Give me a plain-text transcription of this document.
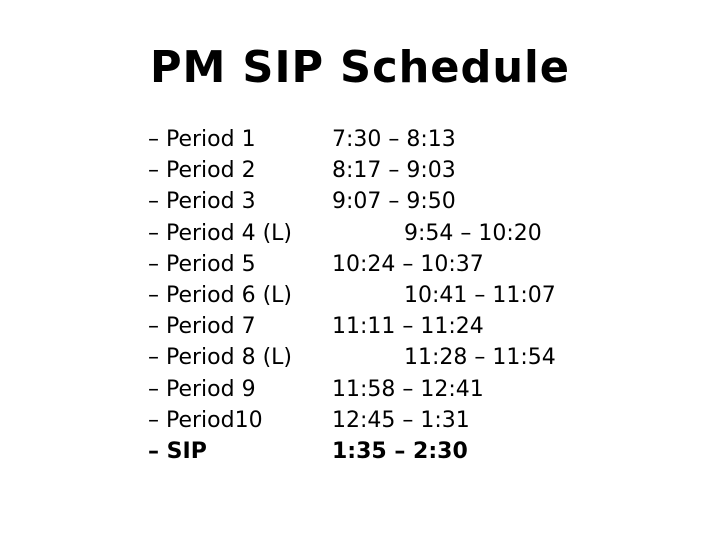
PM SIP Schedule
– Period 1
– Period 2
– Period 3
– Period 4 (L)
– Period 5
– Period 6 (L)
– Period 7
– Period 8 (L)
– Period 9
– Period10
– SIP
7:30 – 8:13
8:17 – 9:03
9:07 – 9:50
9:54 – 10:20
10:24 – 10:37
10:41 – 11:07
11:11 – 11:24
11:28 – 11:54
11:58 – 12:41
12:45 – 1:31
1:35 – 2:30
